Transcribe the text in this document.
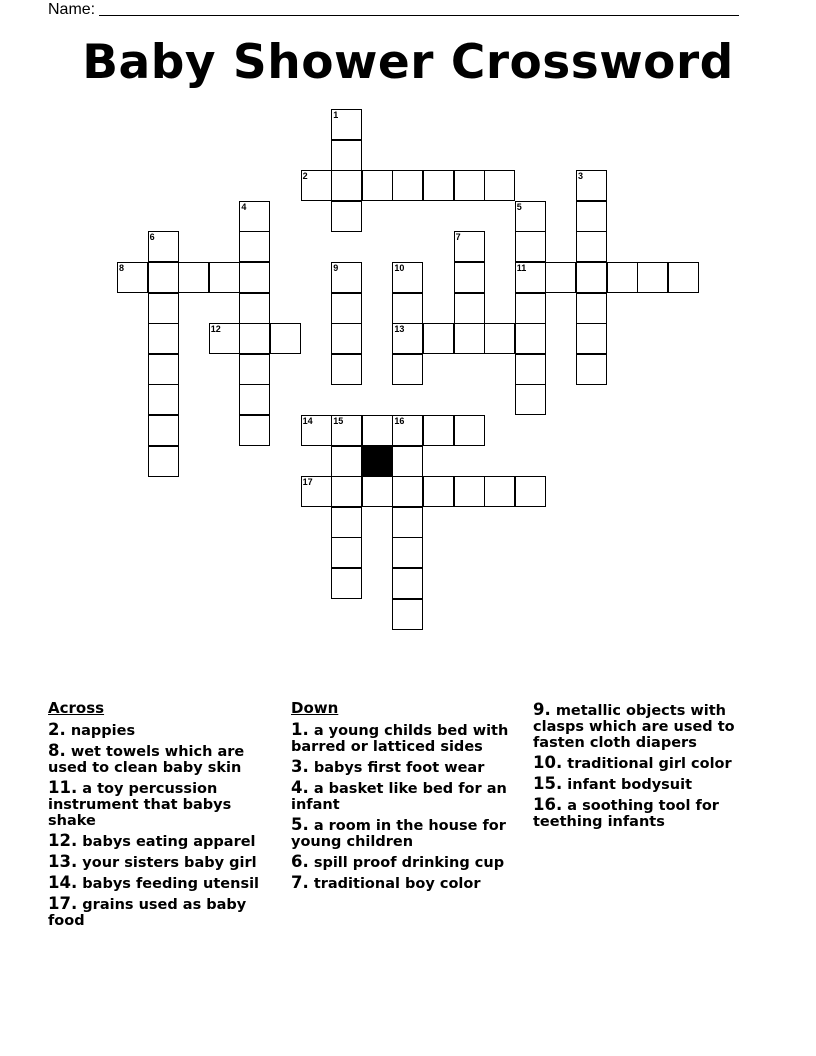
Name:
Baby Shower Crossword
1
2	3
4	5
6	7
8	9	10	11
12	13
14 15	16
17
Across
2. nappies
8. wet towels which are used to clean baby skin
11. a toy percussion instrument that babys shake
12. babys eating apparel
13. your sisters baby girl
14. babys feeding utensil
17. grains used as baby food
Down
1. a young childs bed with barred or latticed sides
3. babys first foot wear
4. a basket like bed for an infant
5. a room in the house for young children
6. spill proof drinking cup
7. traditional boy color
9. metallic objects with clasps which are used to fasten cloth diapers
10. traditional girl color
15. infant bodysuit
16. a soothing tool for teething infants
